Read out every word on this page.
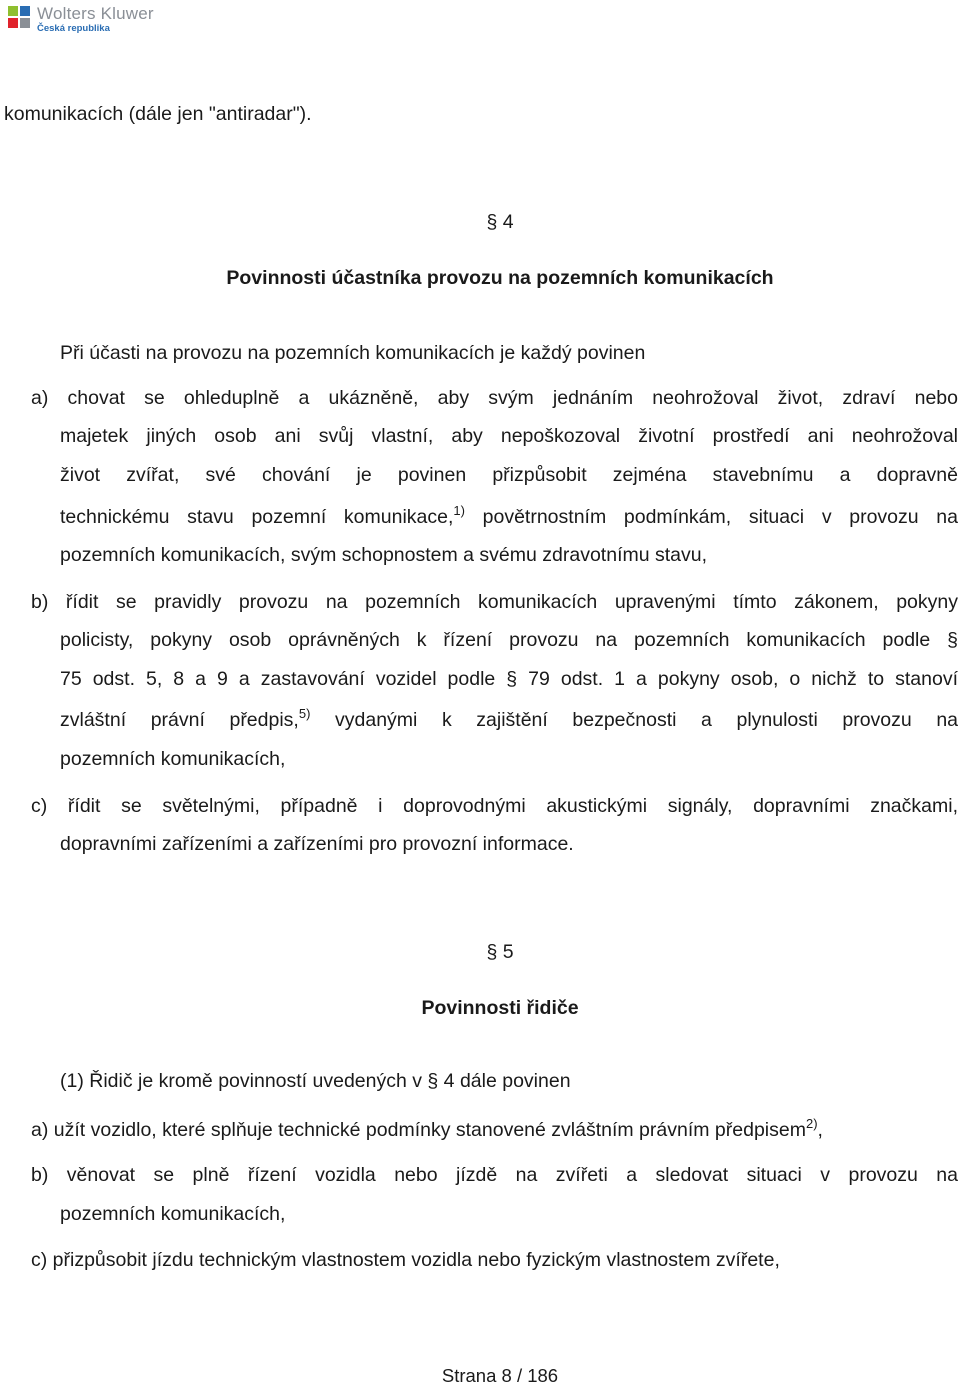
Wolters Kluwer
Česká republika
komunikacích (dále jen "antiradar").
§ 4
Povinnosti účastníka provozu na pozemních komunikacích
Při účasti na provozu na pozemních komunikacích je každý povinen
a) chovat se ohleduplně a ukázněně, aby svým jednáním neohrožoval život, zdraví nebo
majetek jiných osob ani svůj vlastní, aby nepoškozoval životní prostředí ani neohrožoval
život zvířat, své chování je povinen přizpůsobit zejména stavebnímu a dopravně
technickému stavu pozemní komunikace,$^{1)}$ povětrnostním podmínkám, situaci v provozu na
pozemních komunikacích, svým schopnostem a svému zdravotnímu stavu,
b) řídit se pravidly provozu na pozemních komunikacích upravenými tímto zákonem, pokyny
policisty, pokyny osob oprávněných k řízení provozu na pozemních komunikacích podle §
75 odst. 5, 8 a 9 a zastavování vozidel podle § 79 odst. 1 a pokyny osob, o nichž to stanoví
zvláštní právní předpis,$^{5)}$ vydanými k zajištění bezpečnosti a plynulosti provozu na
pozemních komunikacích,
c) řídit se světelnými, případně i doprovodnými akustickými signály, dopravními značkami,
dopravními zařízeními a zařízeními pro provozní informace.
§ 5
Povinnosti řidiče
(1) Řidič je kromě povinností uvedených v § 4 dále povinen
a) užít vozidlo, které splňuje technické podmínky stanovené zvláštním právním předpisem$^{2)}$,
b) věnovat se plně řízení vozidla nebo jízdě na zvířeti a sledovat situaci v provozu na
pozemních komunikacích,
c) přizpůsobit jízdu technickým vlastnostem vozidla nebo fyzickým vlastnostem zvířete,
Strana 8 / 186
